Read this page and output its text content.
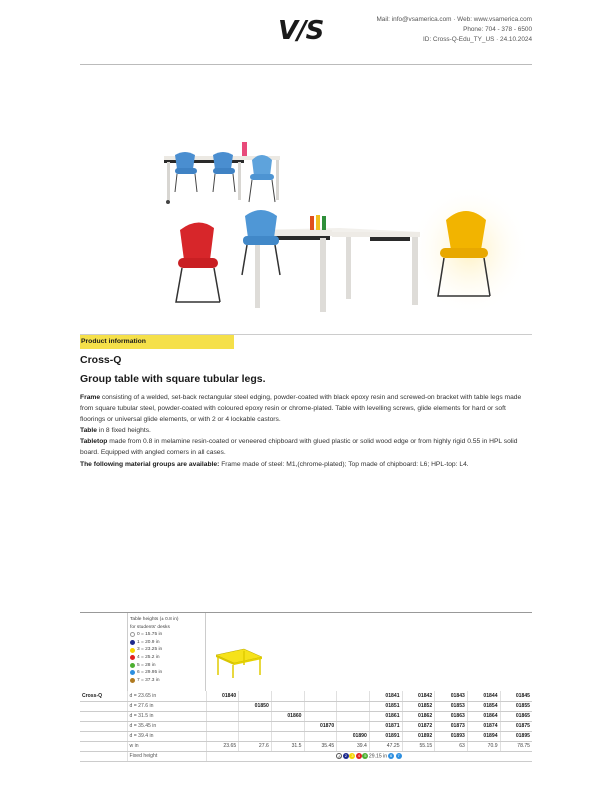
V/S	Mail: info@vsamerica.com · Web: www.vsamerica.com
Phone: 704 - 378 - 6500
ID: Cross-Q-Edu_TY_US · 24.10.2024
Product information
Cross-Q
Group table with square tubular legs.

Frame consisting of a welded, set-back rectangular steel edging, powder-coated with black epoxy resin and screwed-on bracket with table legs made from square tubular steel, powder-coated with coloured epoxy resin or chrome-plated. Table with levelling screws, glide elements for hard or soft floorings or universal glide elements, or with 2 or 4 lockable castors.

Table in 8 fixed heights.

Tabletop made from 0.8 in melamine resin-coated or veneered chipboard with glued plastic or solid wood edge or from highly rigid 0.55 in HPL solid board. Equipped with angled corners in all cases.

The following material groups are available: Frame made of steel: M1,(chrome-plated); Top made of chipboard: L6; HPL-top: L4.

Table heights (± 0.8 in)
for students' desks
0 = 15.75 in
1 = 20.9 in
3 = 23.25 in
4 = 25.2 in
5 = 28 in
6 = 29.95 in
7 = 37.3 in
Cross-Q	d = 23.65 in	01840					01841	01842	01843	01844	01845
	d = 27.6 in		01850				01851	01852	01853	01854	01855
	d = 31.5 in			01860			01861	01862	01863	01864	01865
	d = 35.45 in				01870		01871	01872	01873	01874	01875
	d = 39.4 in					01890	01891	01892	01893	01894	01895
	w in	23.65	27.6	31.5	35.45	39.4	47.25	55.15	63	70.9	78.75
	Fixed height	A 2 3 4 5 29.15 in 6 7									
